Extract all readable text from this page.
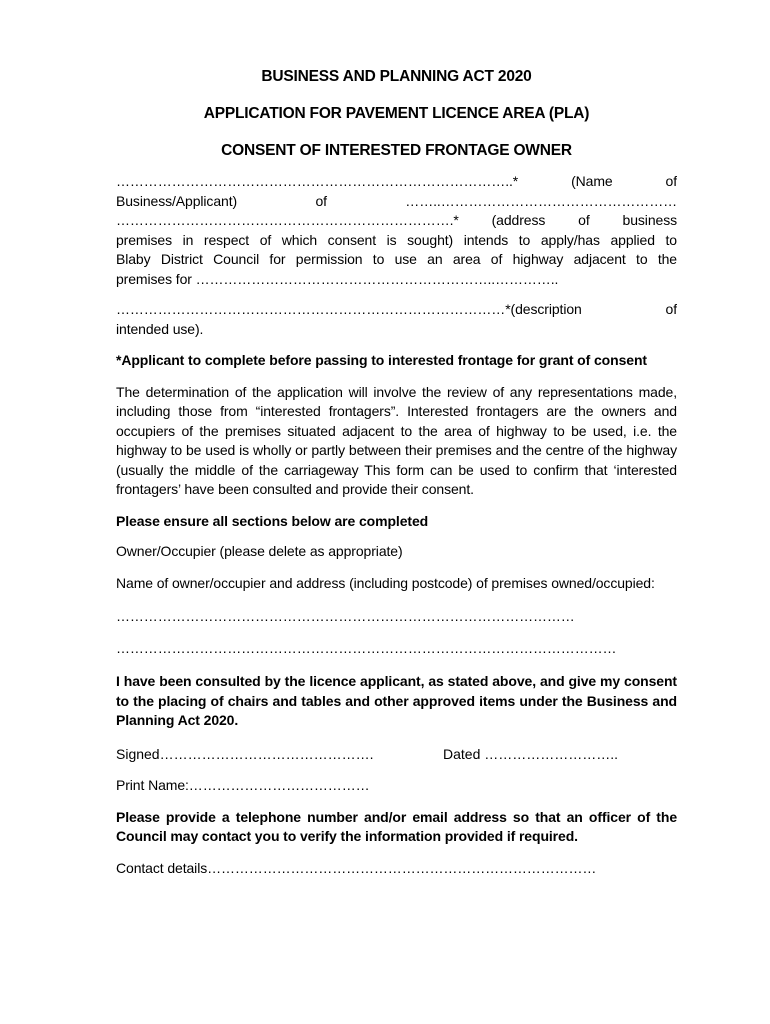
BUSINESS AND PLANNING ACT 2020
APPLICATION FOR PAVEMENT LICENCE AREA (PLA)
CONSENT OF INTERESTED FRONTAGE OWNER

…………………………………………………………………………..* (Name of

Business/Applicant) of ……..……………………………………………

……………………………………………………………….* (address of business

premises in respect of which consent is sought) intends to apply/has applied to

Blaby District Council for permission to use an area of highway adjacent to the

premises for ………………………………………………………..…………..

…………………………………………………………………………*(description of

intended use).

*Applicant to complete before passing to interested frontage for grant of consent

The determination of the application will involve the review of any representations made, including those from “interested frontagers”. Interested frontagers are the owners and occupiers of the premises situated adjacent to the area of highway to be used, i.e. the highway to be used is wholly or partly between their premises and the centre of the highway (usually the middle of the carriageway This form can be used to confirm that ‘interested frontagers’ have been consulted and provide their consent.

Please ensure all sections below are completed

Owner/Occupier (please delete as appropriate)

Name of owner/occupier and address (including postcode) of premises owned/occupied:

………………………………………………………………………………………

………………………………………………………………………………………………

I have been consulted by the licence applicant, as stated above, and give my consent to the placing of chairs and tables and other approved items under the Business and Planning Act 2020.

Signed……………………………………….	Dated ………………………..

Print Name:…………………………………

Please provide a telephone number and/or email address so that an officer of the Council may contact you to verify the information provided if required.

Contact details…………………………………………………………………………
